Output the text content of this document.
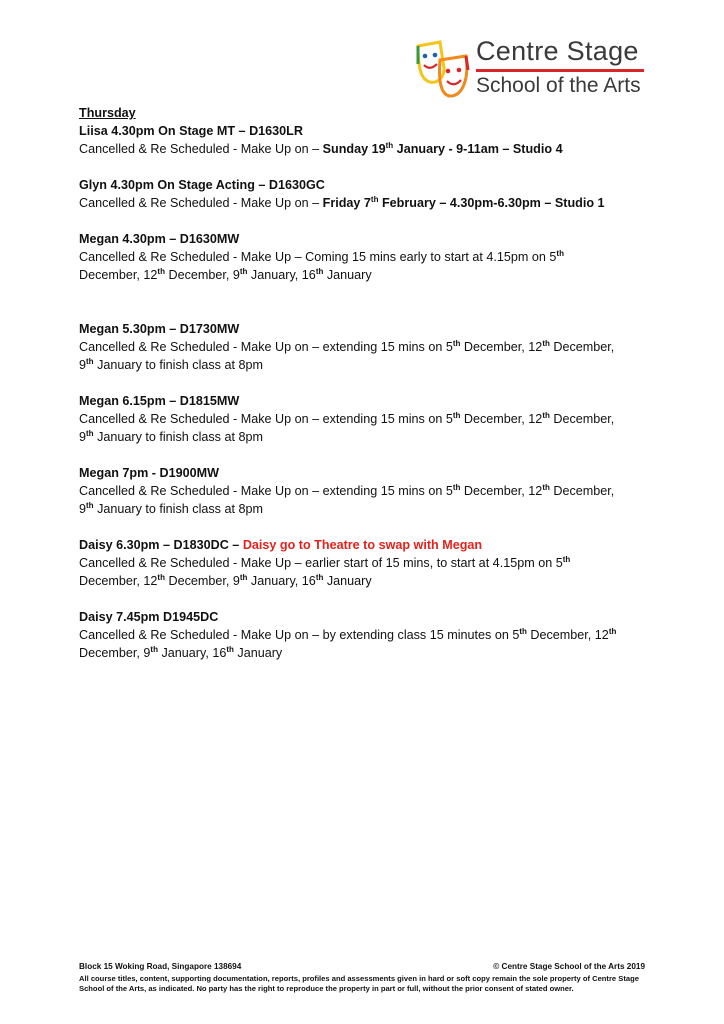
Centre Stage
School of the Arts
Thursday
Liisa 4.30pm On Stage MT – D1630LR
Cancelled & Re Scheduled - Make Up on – Sunday 19th January - 9-11am – Studio 4
Glyn 4.30pm On Stage Acting – D1630GC
Cancelled & Re Scheduled - Make Up on – Friday 7th February – 4.30pm-6.30pm – Studio 1
Megan 4.30pm – D1630MW
Cancelled & Re Scheduled - Make Up – Coming 15 mins early to start at 4.15pm on 5th
December, 12th December, 9th January, 16th January
Megan 5.30pm – D1730MW
Cancelled & Re Scheduled - Make Up on – extending 15 mins on 5th December, 12th December,
9th January to finish class at 8pm
Megan 6.15pm – D1815MW
Cancelled & Re Scheduled - Make Up on – extending 15 mins on 5th December, 12th December,
9th January to finish class at 8pm
Megan 7pm - D1900MW
Cancelled & Re Scheduled - Make Up on – extending 15 mins on 5th December, 12th December,
9th January to finish class at 8pm
Daisy 6.30pm – D1830DC – Daisy go to Theatre to swap with Megan
Cancelled & Re Scheduled - Make Up – earlier start of 15 mins, to start at 4.15pm on 5th
December, 12th December, 9th January, 16th January
Daisy 7.45pm D1945DC
Cancelled & Re Scheduled - Make Up on – by extending class 15 minutes on 5th December, 12th
December, 9th January, 16th January
Block 15 Woking Road, Singapore 138694	© Centre Stage School of the Arts 2019
All course titles, content, supporting documentation, reports, profiles and assessments given in hard or soft copy remain the sole property of Centre Stage School of the Arts, as indicated. No party has the right to reproduce the property in part or full, without the prior consent of stated owner.
